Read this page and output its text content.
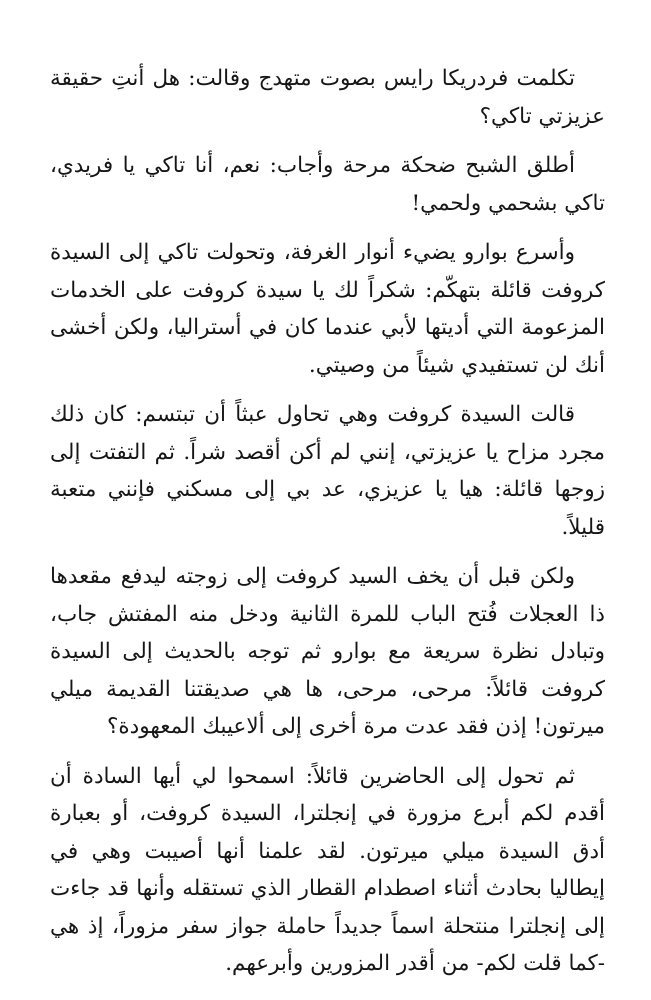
تكلمت فردريكا رايس بصوت متهدج وقالت: هل أنتِ حقيقة عزيزتي تاكي؟

أطلق الشبح ضحكة مرحة وأجاب: نعم، أنا تاكي يا فريدي، تاكي بشحمي ولحمي!

وأسرع بوارو يضيء أنوار الغرفة، وتحولت تاكي إلى السيدة كروفت قائلة بتهكّم: شكراً لك يا سيدة كروفت على الخدمات المزعومة التي أديتها لأبي عندما كان في أستراليا، ولكن أخشى أنك لن تستفيدي شيئاً من وصيتي.

قالت السيدة كروفت وهي تحاول عبثاً أن تبتسم: كان ذلك مجرد مزاح يا عزيزتي، إنني لم أكن أقصد شراً. ثم التفتت إلى زوجها قائلة: هيا يا عزيزي، عد بي إلى مسكني فإنني متعبة قليلاً.

ولكن قبل أن يخف السيد كروفت إلى زوجته ليدفع مقعدها ذا العجلات فُتح الباب للمرة الثانية ودخل منه المفتش جاب، وتبادل نظرة سريعة مع بوارو ثم توجه بالحديث إلى السيدة كروفت قائلاً: مرحى، مرحى، ها هي صديقتنا القديمة ميلي ميرتون! إذن فقد عدت مرة أخرى إلى ألاعيبك المعهودة؟

ثم تحول إلى الحاضرين قائلاً: اسمحوا لي أيها السادة أن أقدم لكم أبرع مزورة في إنجلترا، السيدة كروفت، أو بعبارة أدق السيدة ميلي ميرتون. لقد علمنا أنها أصيبت وهي في إيطاليا بحادث أثناء اصطدام القطار الذي تستقله وأنها قد جاءت إلى إنجلترا منتحلة اسماً جديداً حاملة جواز سفر مزوراً، إذ هي -كما قلت لكم- من أقدر المزورين وأبرعهم.
